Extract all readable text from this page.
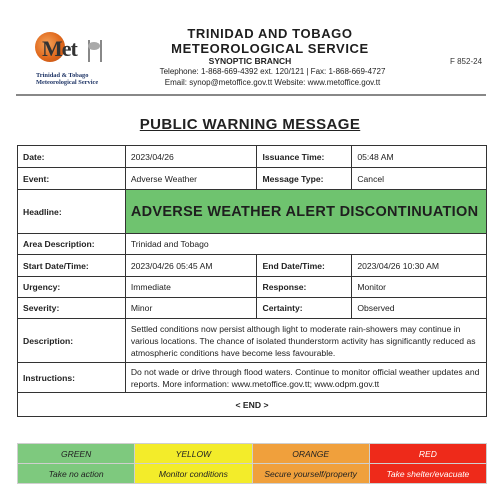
Met
Trinidad & Tobago
Meteorological Service
TRINIDAD AND TOBAGO
METEOROLOGICAL SERVICE
SYNOPTIC BRANCH
Telephone: 1-868-669-4392 ext. 120/121 | Fax: 1-868-669-4727
Email: synop@metoffice.gov.tt Website: www.metoffice.gov.tt
F 852-24
PUBLIC WARNING MESSAGE
Date:	2023/04/26	Issuance Time:	05:48 AM
Event:	Adverse Weather	Message Type:	Cancel
Headline:	ADVERSE WEATHER ALERT DISCONTINUATION		
Area Description:	Trinidad and Tobago		
Start Date/Time:	2023/04/26 05:45 AM	End Date/Time:	2023/04/26 10:30 AM
Urgency:	Immediate	Response:	Monitor
Severity:	Minor	Certainty:	Observed
Description:	Settled conditions now persist although light to moderate rain-showers may continue in various locations. The chance of isolated thunderstorm activity has significantly reduced as atmospheric conditions have become less favourable.		
Instructions:	Do not wade or drive through flood waters. Continue to monitor official weather updates and reports. More information: www.metoffice.gov.tt; www.odpm.gov.tt		
< END >			
GREEN	YELLOW	ORANGE	RED
Take no action	Monitor conditions	Secure yourself/property	Take shelter/evacuate
